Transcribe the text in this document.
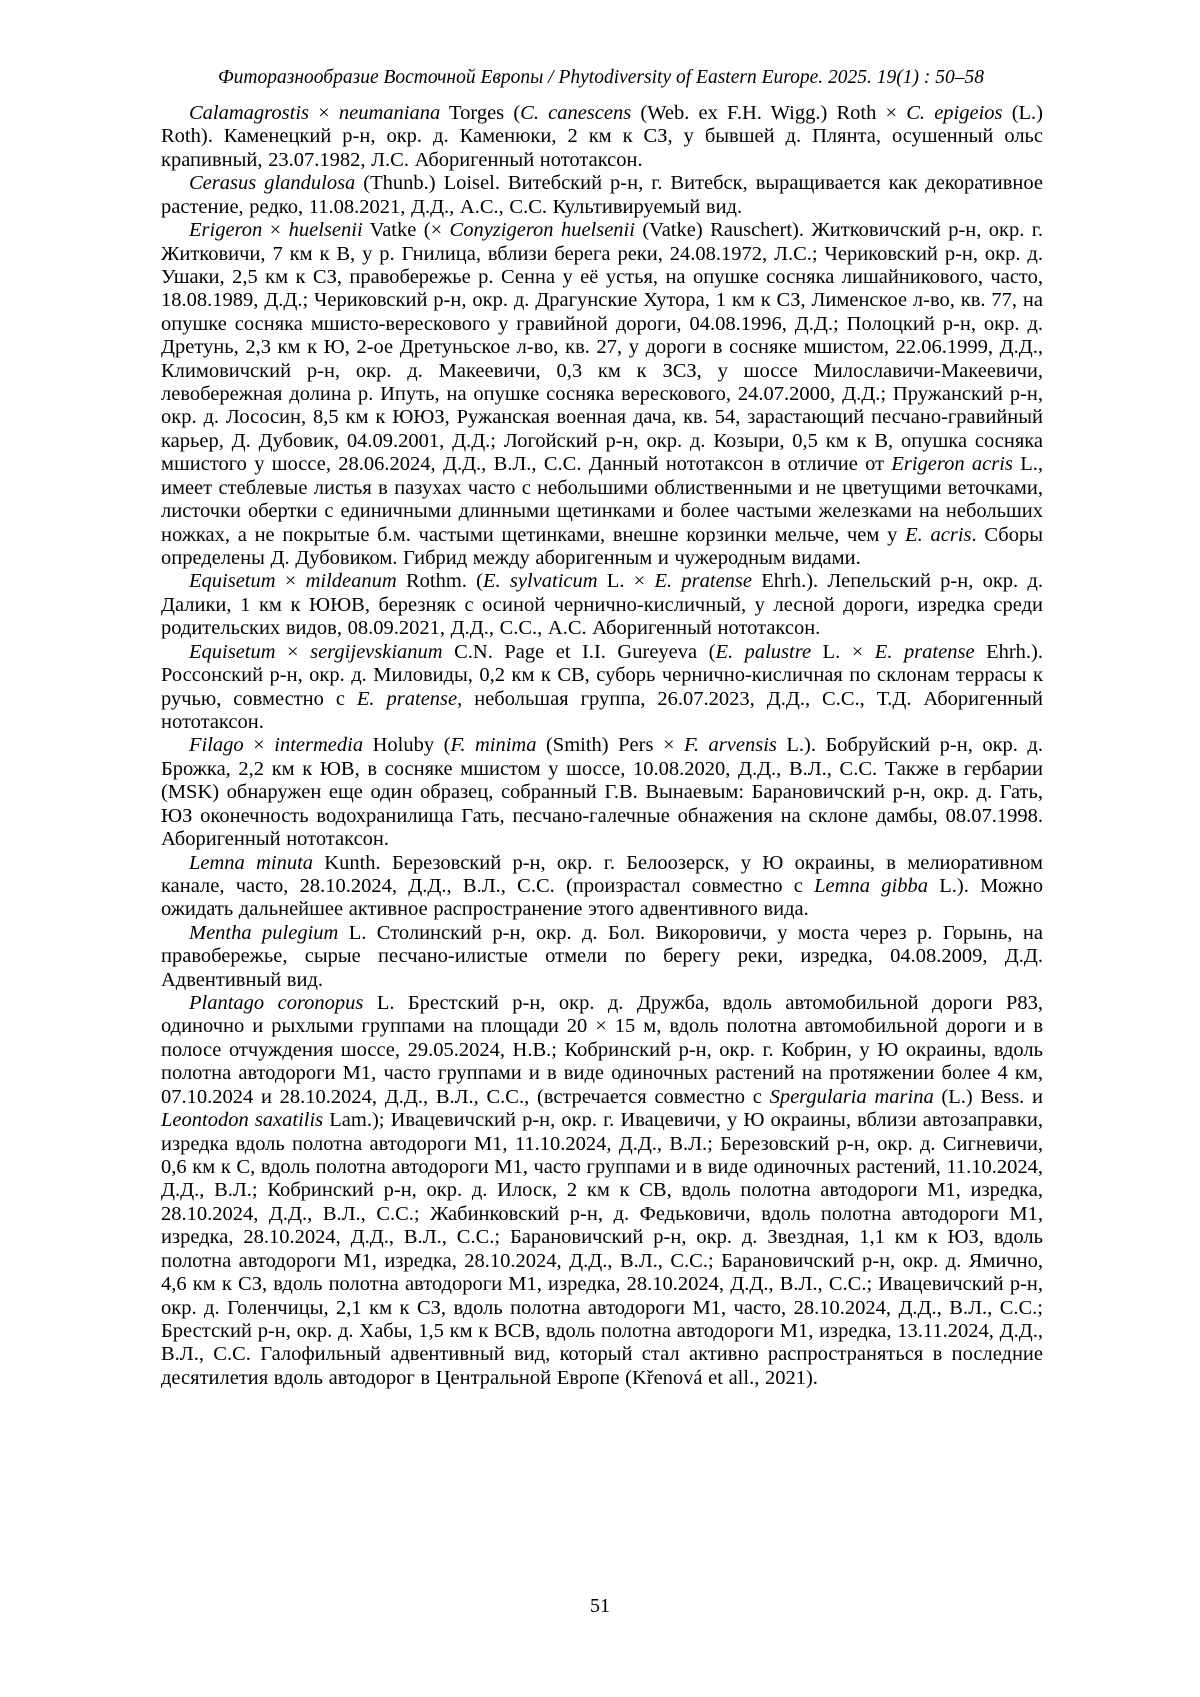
Фиторазнообразие Восточной Европы / Phytodiversity of Eastern Europe. 2025. 19(1) : 50–58

Calamagrostis × neumaniana Torges (C. canescens (Web. ex F.H. Wigg.) Roth × C. epigeios (L.) Roth). Каменецкий р-н, окр. д. Каменюки, 2 км к СЗ, у бывшей д. Плянта, осушенный ольс крапивный, 23.07.1982, Л.С. Аборигенный нототаксон.

Cerasus glandulosa (Thunb.) Loisel. Витебский р-н, г. Витебск, выращивается как декоративное растение, редко, 11.08.2021, Д.Д., А.С., С.С. Культивируемый вид.

Erigeron × huelsenii Vatke (× Conyzigeron huelsenii (Vatke) Rauschert). Житковичский р-н, окр. г. Житковичи, 7 км к В, у р. Гнилица, вблизи берега реки, 24.08.1972, Л.С.; Чериковский р-н, окр. д. Ушаки, 2,5 км к СЗ, правобережье р. Сенна у её устья, на опушке сосняка лишайникового, часто, 18.08.1989, Д.Д.; Чериковский р-н, окр. д. Драгунские Хутора, 1 км к СЗ, Лименское л-во, кв. 77, на опушке сосняка мшисто-верескового у гравийной дороги, 04.08.1996, Д.Д.; Полоцкий р-н, окр. д. Дретунь, 2,3 км к Ю, 2-ое Дретуньское л-во, кв. 27, у дороги в сосняке мшистом, 22.06.1999, Д.Д., Климовичский р-н, окр. д. Макеевичи, 0,3 км к ЗСЗ, у шоссе Милославичи-Макеевичи, левобережная долина р. Ипуть, на опушке сосняка верескового, 24.07.2000, Д.Д.; Пружанский р-н, окр. д. Лососин, 8,5 км к ЮЮЗ, Ружанская военная дача, кв. 54, зарастающий песчано-гравийный карьер, Д. Дубовик, 04.09.2001, Д.Д.; Логойский р-н, окр. д. Козыри, 0,5 км к В, опушка сосняка мшистого у шоссе, 28.06.2024, Д.Д., В.Л., С.С. Данный нототаксон в отличие от Erigeron acris L., имеет стеблевые листья в пазухах часто с небольшими облиственными и не цветущими веточками, листочки обертки с единичными длинными щетинками и более частыми железками на небольших ножках, а не покрытые б.м. частыми щетинками, внешне корзинки мельче, чем у E. acris. Сборы определены Д. Дубовиком. Гибрид между аборигенным и чужеродным видами.

Equisetum × mildeanum Rothm. (E. sylvaticum L. × E. pratense Ehrh.). Лепельский р-н, окр. д. Далики, 1 км к ЮЮВ, березняк с осиной чернично-кисличный, у лесной дороги, изредка среди родительских видов, 08.09.2021, Д.Д., С.С., А.С. Аборигенный нототаксон.

Equisetum × sergijevskianum C.N. Page et I.I. Gureyeva (E. palustre L. × E. pratense Ehrh.). Россонский р-н, окр. д. Миловиды, 0,2 км к СВ, суборь чернично-кисличная по склонам террасы к ручью, совместно с E. pratense, небольшая группа, 26.07.2023, Д.Д., С.С., Т.Д. Аборигенный нототаксон.

Filago × intermedia Holuby (F. minima (Smith) Pers × F. arvensis L.). Бобруйский р-н, окр. д. Брожка, 2,2 км к ЮВ, в сосняке мшистом у шоссе, 10.08.2020, Д.Д., В.Л., С.С. Также в гербарии (MSK) обнаружен еще один образец, собранный Г.В. Вынаевым: Барановичский р-н, окр. д. Гать, ЮЗ оконечность водохранилища Гать, песчано-галечные обнажения на склоне дамбы, 08.07.1998. Аборигенный нототаксон.

Lemna minuta Kunth. Березовский р-н, окр. г. Белоозерск, у Ю окраины, в мелиоративном канале, часто, 28.10.2024, Д.Д., В.Л., С.С. (произрастал совместно с Lemna gibba L.). Можно ожидать дальнейшее активное распространение этого адвентивного вида.

Mentha pulegium L. Столинский р-н, окр. д. Бол. Викоровичи, у моста через р. Горынь, на правобережье, сырые песчано-илистые отмели по берегу реки, изредка, 04.08.2009, Д.Д. Адвентивный вид.

Plantago coronopus L. Брестский р-н, окр. д. Дружба, вдоль автомобильной дороги Р83, одиночно и рыхлыми группами на площади 20 × 15 м, вдоль полотна автомобильной дороги и в полосе отчуждения шоссе, 29.05.2024, Н.В.; Кобринский р-н, окр. г. Кобрин, у Ю окраины, вдоль полотна автодороги М1, часто группами и в виде одиночных растений на протяжении более 4 км, 07.10.2024 и 28.10.2024, Д.Д., В.Л., С.С., (встречается совместно с Spergularia marina (L.) Bess. и Leontodon saxatilis Lam.); Ивацевичский р-н, окр. г. Ивацевичи, у Ю окраины, вблизи автозаправки, изредка вдоль полотна автодороги М1, 11.10.2024, Д.Д., В.Л.; Березовский р-н, окр. д. Сигневичи, 0,6 км к С, вдоль полотна автодороги М1, часто группами и в виде одиночных растений, 11.10.2024, Д.Д., В.Л.; Кобринский р-н, окр. д. Илоск, 2 км к СВ, вдоль полотна автодороги М1, изредка, 28.10.2024, Д.Д., В.Л., С.С.; Жабинковский р-н, д. Федьковичи, вдоль полотна автодороги М1, изредка, 28.10.2024, Д.Д., В.Л., С.С.; Барановичский р-н, окр. д. Звездная, 1,1 км к ЮЗ, вдоль полотна автодороги М1, изредка, 28.10.2024, Д.Д., В.Л., С.С.; Барановичский р-н, окр. д. Ямично, 4,6 км к СЗ, вдоль полотна автодороги М1, изредка, 28.10.2024, Д.Д., В.Л., С.С.; Ивацевичский р-н, окр. д. Голенчицы, 2,1 км к СЗ, вдоль полотна автодороги М1, часто, 28.10.2024, Д.Д., В.Л., С.С.; Брестский р-н, окр. д. Хабы, 1,5 км к ВСВ, вдоль полотна автодороги М1, изредка, 13.11.2024, Д.Д., В.Л., С.С. Галофильный адвентивный вид, который стал активно распространяться в последние десятилетия вдоль автодорог в Центральной Европе (Křenová et all., 2021).

51
